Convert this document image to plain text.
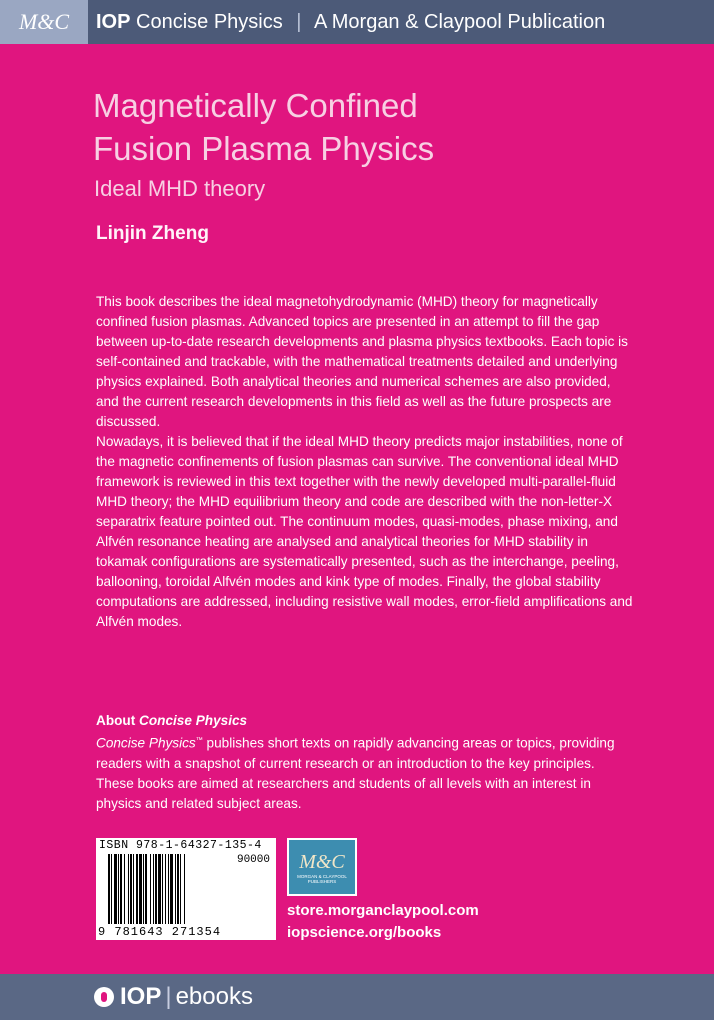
M&C IOP Concise Physics | A Morgan & Claypool Publication
Magnetically Confined
Fusion Plasma Physics
Ideal MHD theory
Linjin Zheng

This book describes the ideal magnetohydrodynamic (MHD) theory for magnetically confined fusion plasmas. Advanced topics are presented in an attempt to fill the gap between up-to-date research developments and plasma physics textbooks. Each topic is self-contained and trackable, with the mathematical treatments detailed and underlying physics explained. Both analytical theories and numerical schemes are also provided, and the current research developments in this field as well as the future prospects are discussed.

Nowadays, it is believed that if the ideal MHD theory predicts major instabilities, none of the magnetic confinements of fusion plasmas can survive. The conventional ideal MHD framework is reviewed in this text together with the newly developed multi-parallel-fluid MHD theory; the MHD equilibrium theory and code are described with the non-letter-X separatrix feature pointed out. The continuum modes, quasi-modes, phase mixing, and Alfvén resonance heating are analysed and analytical theories for MHD stability in tokamak configurations are systematically presented, such as the interchange, peeling, ballooning, toroidal Alfvén modes and kink type of modes. Finally, the global stability computations are addressed, including resistive wall modes, error-field amplifications and Alfvén modes.

About Concise Physics
Concise Physics™ publishes short texts on rapidly advancing areas or topics, providing readers with a snapshot of current research or an introduction to the key principles. These books are aimed at researchers and students of all levels with an interest in physics and related subject areas.
ISBN 978-1-64327-135-4
90000
9 781643 271354
M&C
MORGAN & CLAYPOOL PUBLISHERS
store.morganclaypool.com
iopscience.org/books
IOP | ebooks
